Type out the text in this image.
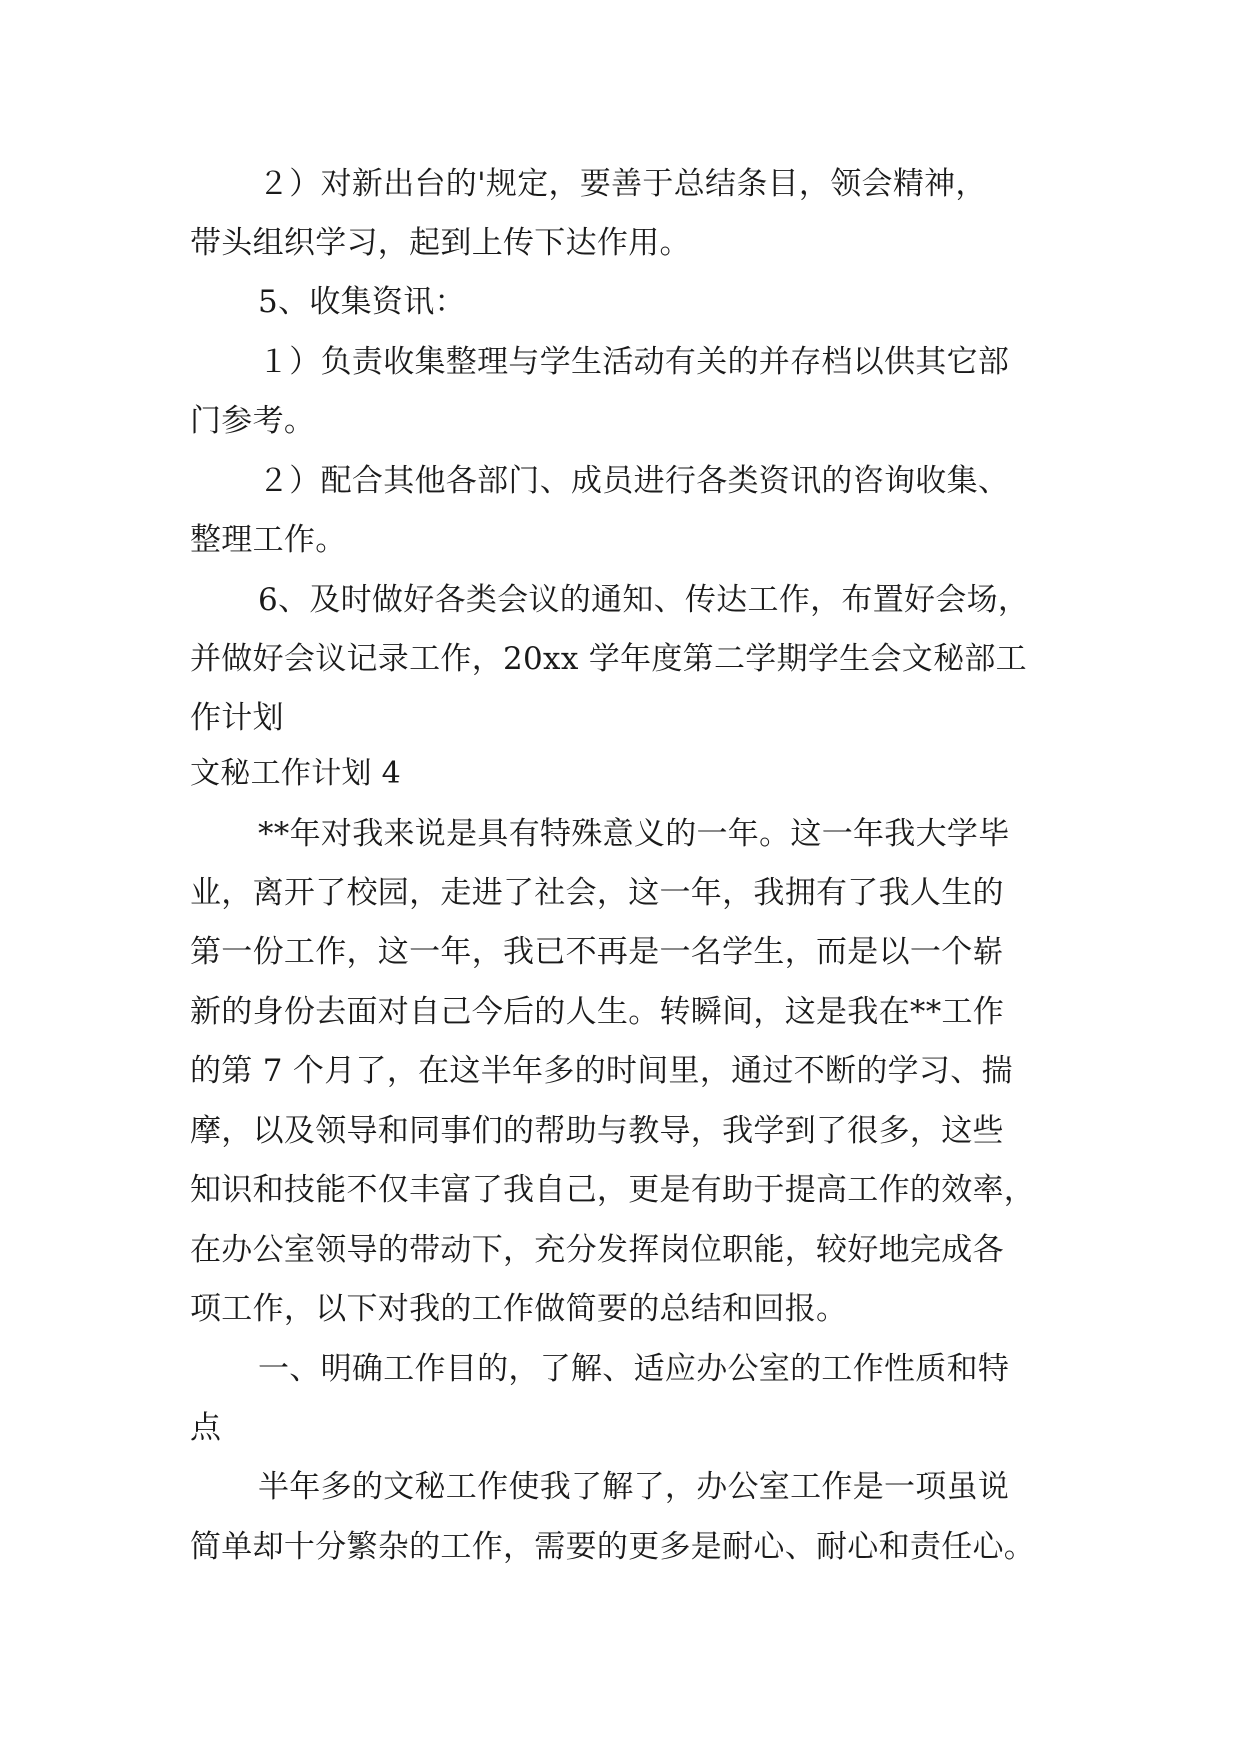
２）对新出台的'规定，要善于总结条目，领会精神，
带头组织学习，起到上传下达作用。
5、收集资讯：
１）负责收集整理与学生活动有关的并存档以供其它部
门参考。
２）配合其他各部门、成员进行各类资讯的咨询收集、
整理工作。
6、及时做好各类会议的通知、传达工作，布置好会场，
并做好会议记录工作，20xx 学年度第二学期学生会文秘部工
作计划
文秘工作计划 4
**年对我来说是具有特殊意义的一年。这一年我大学毕
业，离开了校园，走进了社会，这一年，我拥有了我人生的
第一份工作，这一年，我已不再是一名学生，而是以一个崭
新的身份去面对自己今后的人生。转瞬间，这是我在**工作
的第 7 个月了，在这半年多的时间里，通过不断的学习、揣
摩，以及领导和同事们的帮助与教导，我学到了很多，这些
知识和技能不仅丰富了我自己，更是有助于提高工作的效率，
在办公室领导的带动下，充分发挥岗位职能，较好地完成各
项工作，以下对我的工作做简要的总结和回报。
一、明确工作目的，了解、适应办公室的工作性质和特
点
半年多的文秘工作使我了解了，办公室工作是一项虽说
简单却十分繁杂的工作，需要的更多是耐心、耐心和责任心。
